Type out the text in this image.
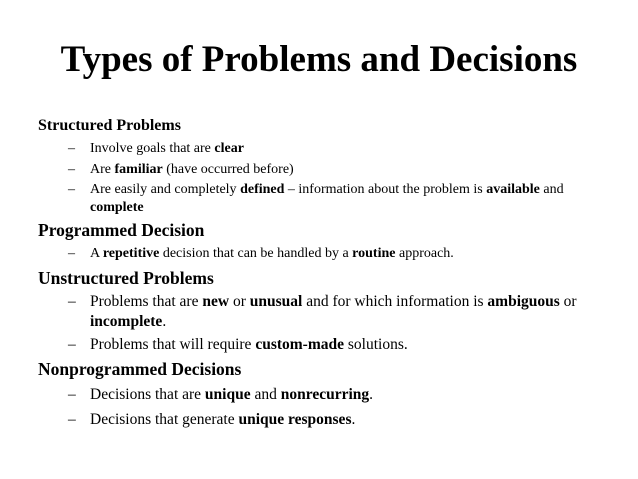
Types of Problems and Decisions

Structured Problems

– Involve goals that are clear
– Are familiar (have occurred before)
– Are easily and completely defined – information about the problem is available and complete

Programmed Decision

– A repetitive decision that can be handled by a routine approach.

Unstructured Problems

– Problems that are new or unusual and for which information is ambiguous or incomplete.
– Problems that will require custom-made solutions.

Nonprogrammed Decisions

– Decisions that are unique and nonrecurring.
– Decisions that generate unique responses.
